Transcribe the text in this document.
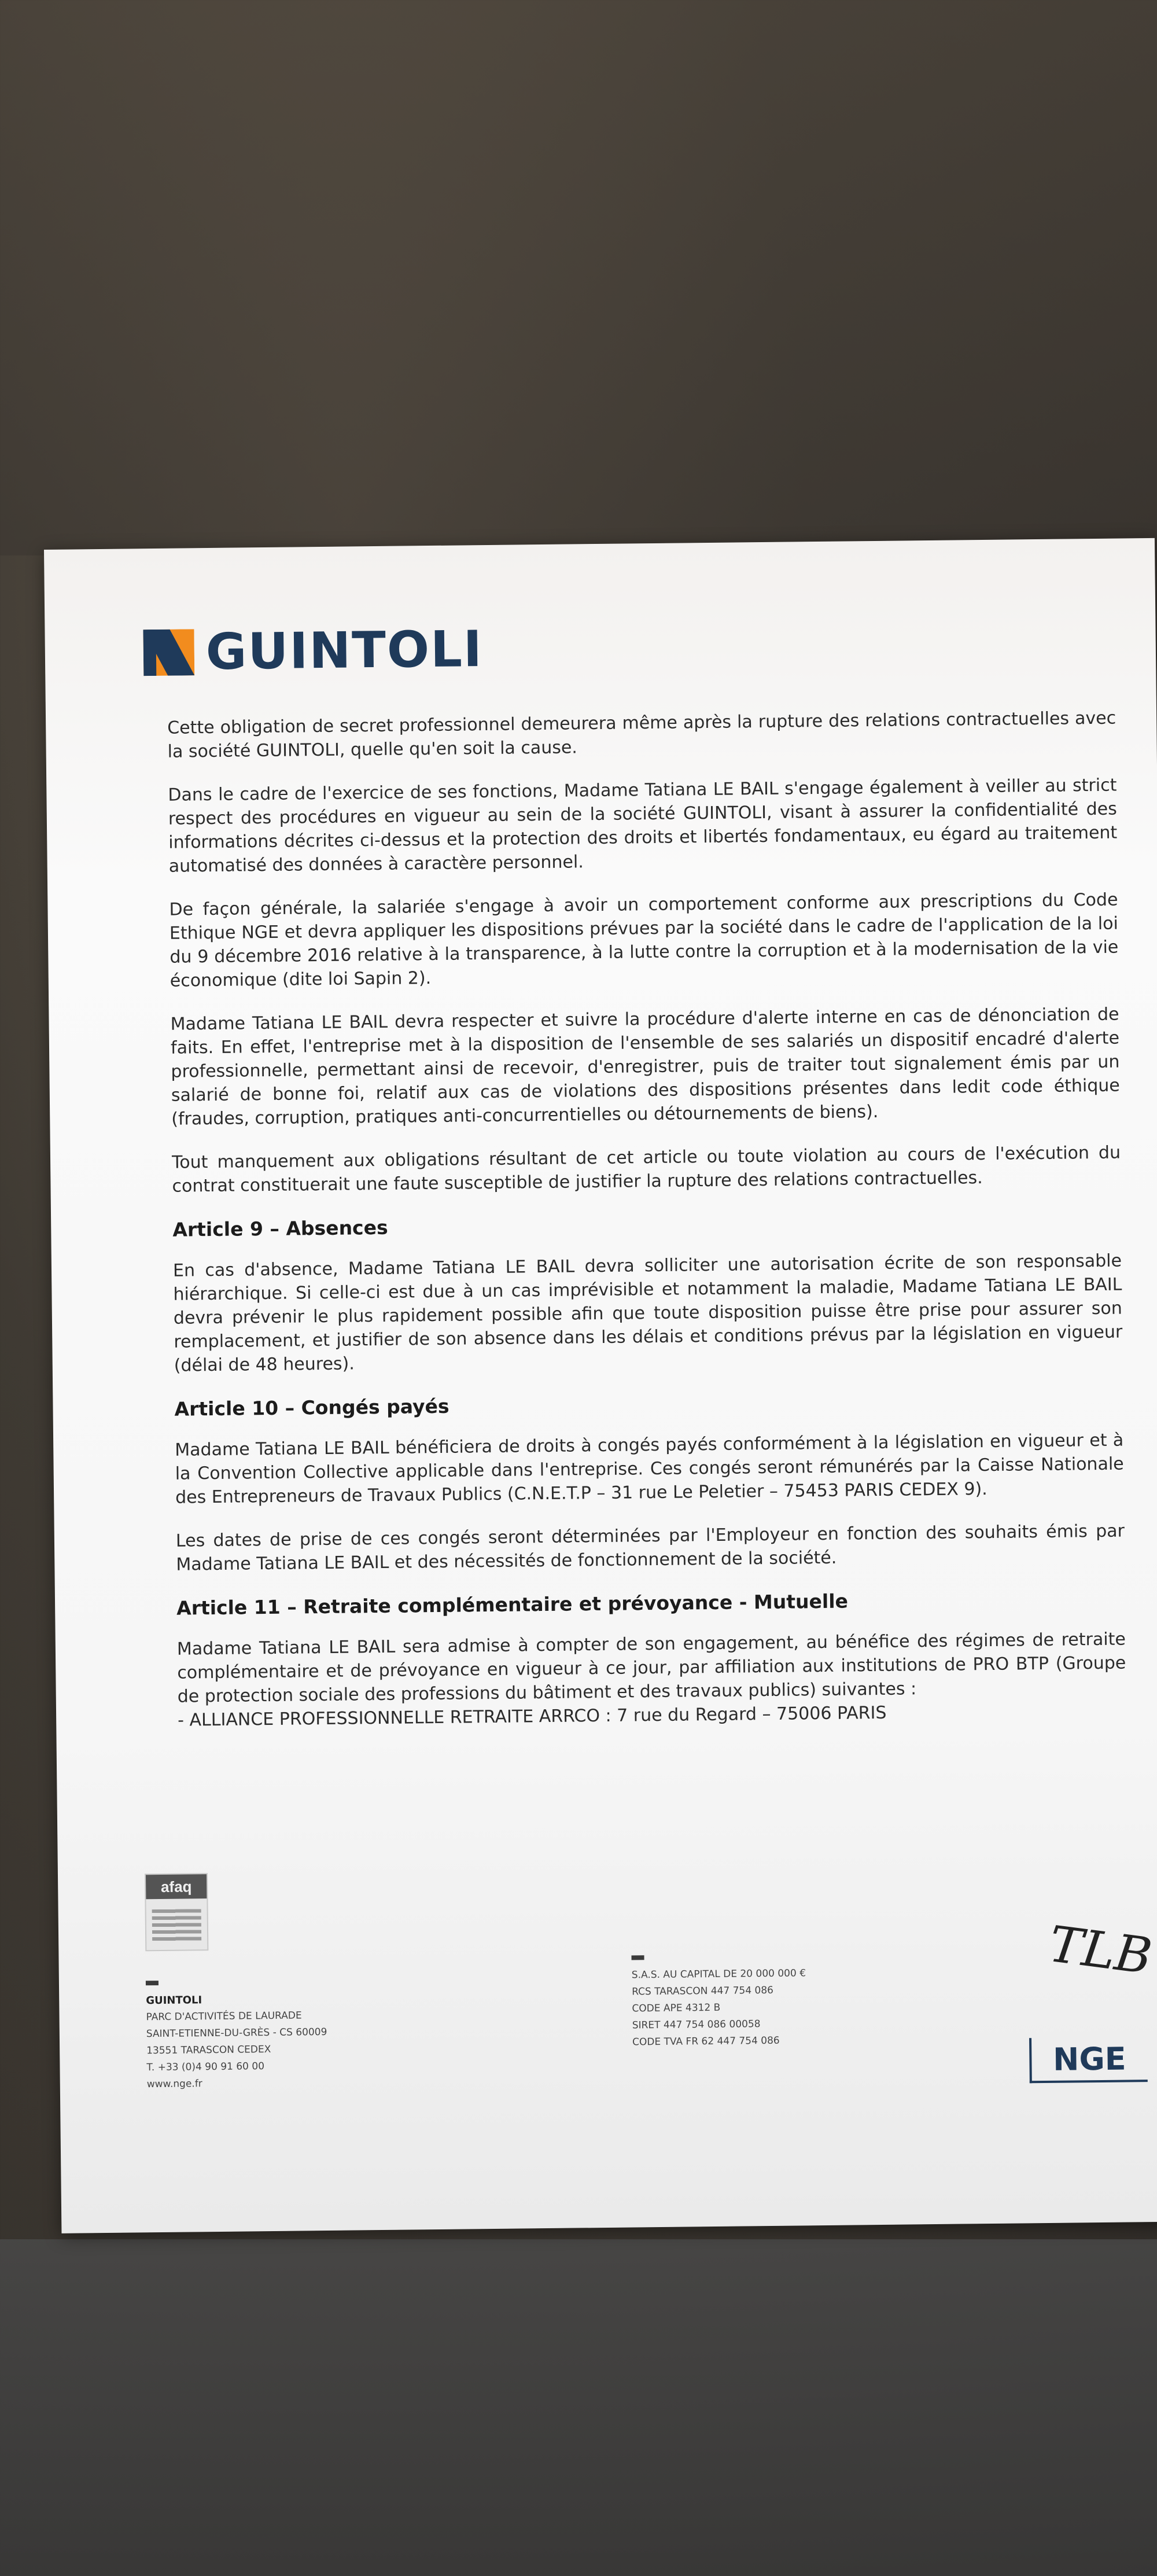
GUINTOLI

Cette obligation de secret professionnel demeurera même après la rupture des relations contractuelles avec la société GUINTOLI, quelle qu'en soit la cause.

Dans le cadre de l'exercice de ses fonctions, Madame Tatiana LE BAIL s'engage également à veiller au strict respect des procédures en vigueur au sein de la société GUINTOLI, visant à assurer la confidentialité des informations décrites ci-dessus et la protection des droits et libertés fondamentaux, eu égard au traitement automatisé des données à caractère personnel.

De façon générale, la salariée s'engage à avoir un comportement conforme aux prescriptions du Code Ethique NGE et devra appliquer les dispositions prévues par la société dans le cadre de l'application de la loi du 9 décembre 2016 relative à la transparence, à la lutte contre la corruption et à la modernisation de la vie économique (dite loi Sapin 2).

Madame Tatiana LE BAIL devra respecter et suivre la procédure d'alerte interne en cas de dénonciation de faits. En effet, l'entreprise met à la disposition de l'ensemble de ses salariés un dispositif encadré d'alerte professionnelle, permettant ainsi de recevoir, d'enregistrer, puis de traiter tout signalement émis par un salarié de bonne foi, relatif aux cas de violations des dispositions présentes dans ledit code éthique (fraudes, corruption, pratiques anti-concurrentielles ou détournements de biens).

Tout manquement aux obligations résultant de cet article ou toute violation au cours de l'exécution du contrat constituerait une faute susceptible de justifier la rupture des relations contractuelles.

Article 9 – Absences

En cas d'absence, Madame Tatiana LE BAIL devra solliciter une autorisation écrite de son responsable hiérarchique. Si celle-ci est due à un cas imprévisible et notamment la maladie, Madame Tatiana LE BAIL devra prévenir le plus rapidement possible afin que toute disposition puisse être prise pour assurer son remplacement, et justifier de son absence dans les délais et conditions prévus par la législation en vigueur (délai de 48 heures).

Article 10 – Congés payés

Madame Tatiana LE BAIL bénéficiera de droits à congés payés conformément à la législation en vigueur et à la Convention Collective applicable dans l'entreprise. Ces congés seront rémunérés par la Caisse Nationale des Entrepreneurs de Travaux Publics (C.N.E.T.P – 31 rue Le Peletier – 75453 PARIS CEDEX 9).

Les dates de prise de ces congés seront déterminées par l'Employeur en fonction des souhaits émis par Madame Tatiana LE BAIL et des nécessités de fonctionnement de la société.

Article 11 – Retraite complémentaire et prévoyance - Mutuelle

Madame Tatiana LE BAIL sera admise à compter de son engagement, au bénéfice des régimes de retraite complémentaire et de prévoyance en vigueur à ce jour, par affiliation aux institutions de PRO BTP (Groupe de protection sociale des professions du bâtiment et des travaux publics) suivantes :

- ALLIANCE PROFESSIONNELLE RETRAITE ARRCO : 7 rue du Regard – 75006 PARIS

afaq
GUINTOLI
PARC D'ACTIVITÉS DE LAURADE
SAINT-ETIENNE-DU-GRÈS - CS 60009
13551 TARASCON CEDEX
T. +33 (0)4 90 91 60 00
www.nge.fr
S.A.S. AU CAPITAL DE 20 000 000 €
RCS TARASCON 447 754 086
CODE APE 4312 B
SIRET 447 754 086 00058
CODE TVA FR 62 447 754 086
TLB
NGE
